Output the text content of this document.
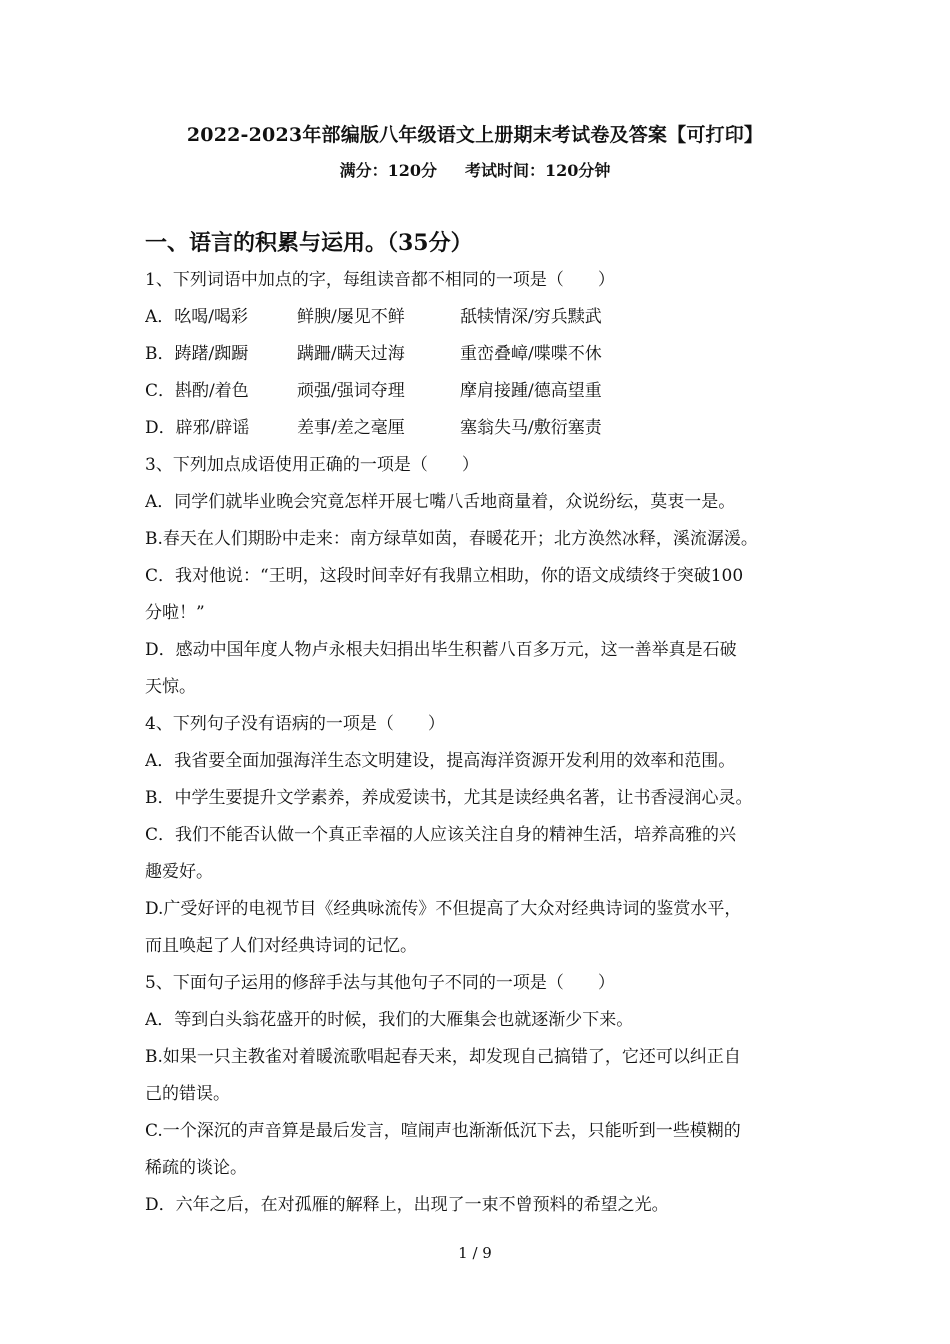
2022-2023年部编版八年级语文上册期末考试卷及答案【可打印】
满分：120分 考试时间：120分钟
一、语言的积累与运用。（35分）
1、下列词语中加点的字，每组读音都不相同的一项是（　　）
A．吆喝/喝彩	鲜腴/屡见不鲜	舐犊情深/穷兵黩武
B．踌躇/踟蹰	蹒跚/瞒天过海	重峦叠嶂/喋喋不休
C．斟酌/着色	顽强/强词夺理	摩肩接踵/德高望重
D．辟邪/辟谣	差事/差之毫厘	塞翁失马/敷衍塞责
3、下列加点成语使用正确的一项是（　　）
A．同学们就毕业晚会究竟怎样开展七嘴八舌地商量着，众说纷纭，莫衷一是。
B.春天在人们期盼中走来：南方绿草如茵，春暖花开；北方涣然冰释，溪流潺湲。
C．我对他说：“王明，这段时间幸好有我鼎立相助，你的语文成绩终于突破100
分啦！”
D．感动中国年度人物卢永根夫妇捐出毕生积蓄八百多万元，这一善举真是石破
天惊。
4、下列句子没有语病的一项是（　　）
A．我省要全面加强海洋生态文明建设，提高海洋资源开发利用的效率和范围。
B．中学生要提升文学素养，养成爱读书，尤其是读经典名著，让书香浸润心灵。
C．我们不能否认做一个真正幸福的人应该关注自身的精神生活，培养高雅的兴
趣爱好。
D.广受好评的电视节目《经典咏流传》不但提高了大众对经典诗词的鉴赏水平，
而且唤起了人们对经典诗词的记忆。
5、下面句子运用的修辞手法与其他句子不同的一项是（　　）
A．等到白头翁花盛开的时候，我们的大雁集会也就逐渐少下来。
B.如果一只主教雀对着暖流歌唱起春天来，却发现自己搞错了，它还可以纠正自
己的错误。
C.一个深沉的声音算是最后发言，喧闹声也渐渐低沉下去，只能听到一些模糊的
稀疏的谈论。
D．六年之后，在对孤雁的解释上，出现了一束不曾预料的希望之光。
1 / 9
